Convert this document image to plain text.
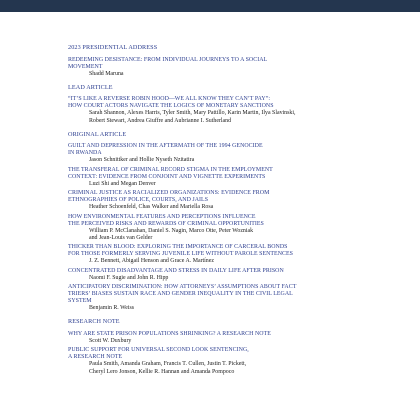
2023 PRESIDENTIAL ADDRESS
REDEEMING DESISTANCE: FROM INDIVIDUAL JOURNEYS TO A SOCIAL
MOVEMENT
Shadd Maruna
LEAD ARTICLE
“IT’S LIKE A REVERSE ROBIN HOOD—WE ALL KNOW THEY CAN’T PAY”:
HOW COURT ACTORS NAVIGATE THE LOGICS OF MONETARY SANCTIONS
Sarah Shannon, Alexes Harris, Tyler Smith, Mary Pattillo, Karin Martin, Ilya Slavinski,
Robert Stewart, Andrea Giuffre and Aubrianne I. Sutherland
ORIGINAL ARTICLE
GUILT AND DEPRESSION IN THE AFTERMATH OF THE 1994 GENOCIDE
IN RWANDA
Jason Schnittker and Hollie Nyseth Nzitatira
THE TRANSFERAL OF CRIMINAL RECORD STIGMA IN THE EMPLOYMENT
CONTEXT: EVIDENCE FROM CONJOINT AND VIGNETTE EXPERIMENTS
Luzi Shi and Megan Denver
CRIMINAL JUSTICE AS RACIALIZED ORGANIZATIONS: EVIDENCE FROM
ETHNOGRAPHIES OF POLICE, COURTS, AND JAILS
Heather Schoenfeld, Chas Walker and Mariella Rosa
HOW ENVIRONMENTAL FEATURES AND PERCEPTIONS INFLUENCE
THE PERCEIVED RISKS AND REWARDS OF CRIMINAL OPPORTUNITIES
William P. McClanahan, Daniel S. Nagin, Marco Otte, Peter Wozniak
and Jean-Louis van Gelder
THICKER THAN BLOOD: EXPLORING THE IMPORTANCE OF CARCERAL BONDS
FOR THOSE FORMERLY SERVING JUVENILE LIFE WITHOUT PAROLE SENTENCES
J. Z. Bennett, Abigail Henson and Grace A. Martínez
CONCENTRATED DISADVANTAGE AND STRESS IN DAILY LIFE AFTER PRISON
Naomi F. Sugie and John R. Hipp
ANTICIPATORY DISCRIMINATION: HOW ATTORNEYS’ ASSUMPTIONS ABOUT FACT
TRIERS’ BIASES SUSTAIN RACE AND GENDER INEQUALITY IN THE CIVIL LEGAL
SYSTEM
Benjamin R. Weiss
RESEARCH NOTE
WHY ARE STATE PRISON POPULATIONS SHRINKING? A RESEARCH NOTE
Scott W. Duxbury
PUBLIC SUPPORT FOR UNIVERSAL SECOND LOOK SENTENCING,
A RESEARCH NOTE
Paula Smith, Amanda Graham, Francis T. Cullen, Justin T. Pickett,
Cheryl Lero Jonson, Kellie R. Hannan and Amanda Pompoco
